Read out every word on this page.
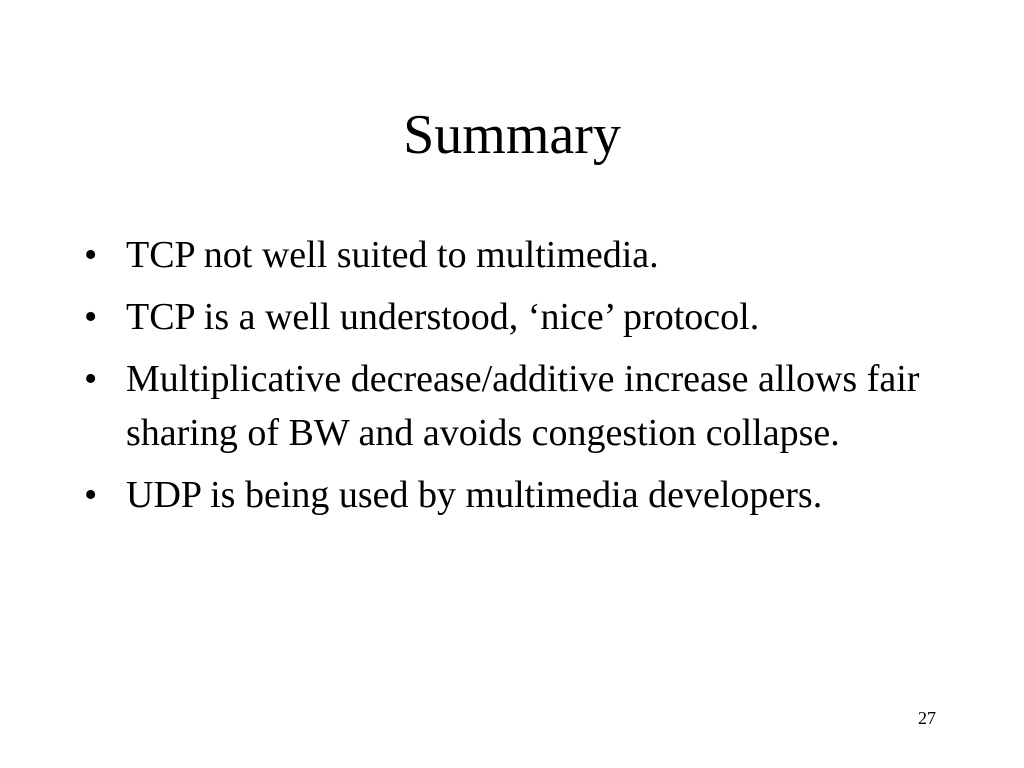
Summary
• TCP not well suited to multimedia.
• TCP is a well understood, ‘nice’ protocol.
• Multiplicative decrease/additive increase allows fair sharing of BW and avoids congestion collapse.
• UDP is being used by multimedia developers.
27
